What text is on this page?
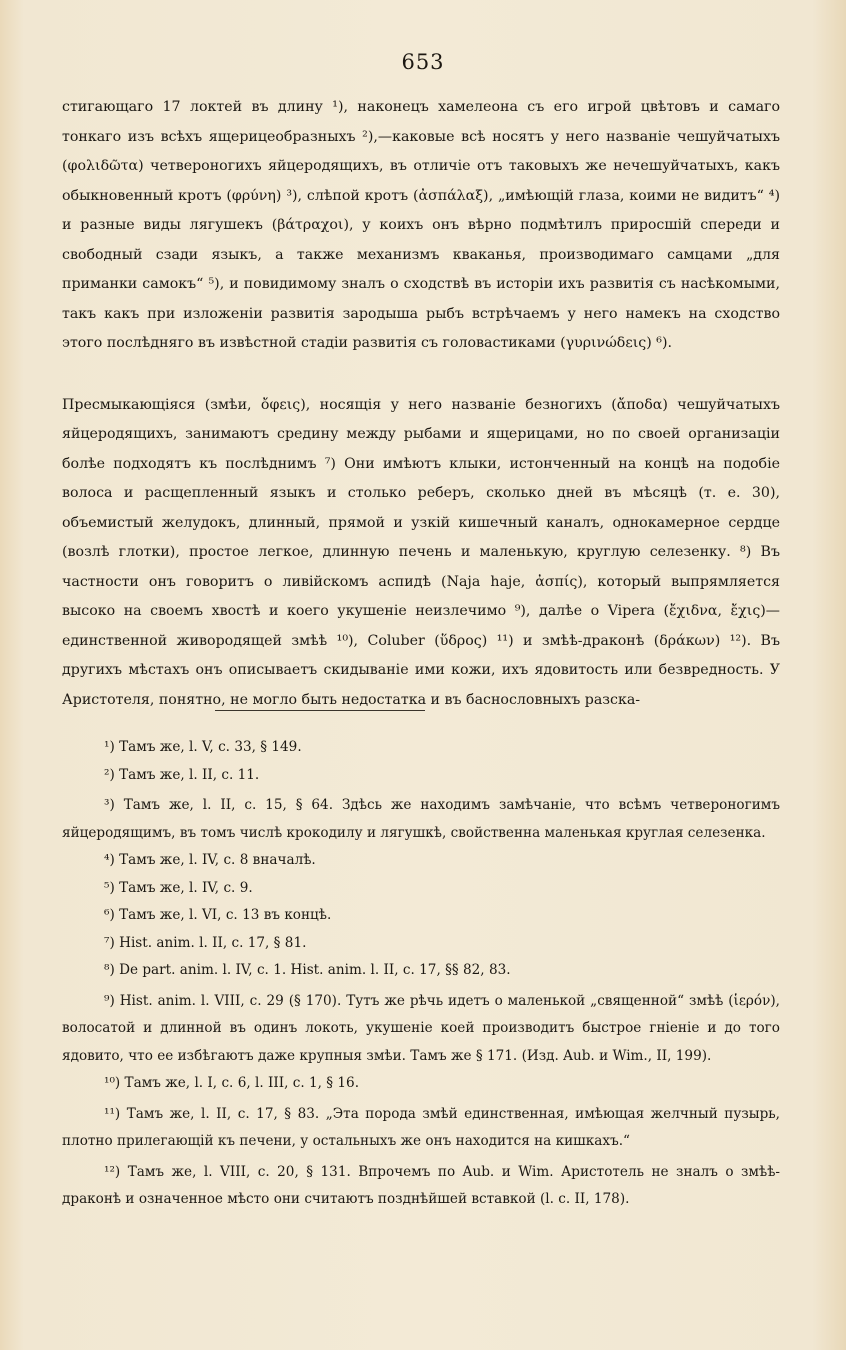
653

стигающаго 17 локтей въ длину ¹), наконецъ хамелеона съ его игрой цвѣтовъ и самаго тонкаго изъ всѣхъ ящерицеобразныхъ ²),—каковые всѣ носятъ у него названіе чешуйчатыхъ (φολιδῶτα) четвероногихъ яйцеродящихъ, въ отличіе отъ таковыхъ же нечешуйчатыхъ, какъ обыкновенный кротъ (φρύνη) ³), слѣпой кротъ (ἀσπάλαξ), „имѣющій глаза, коими не видитъ“ ⁴) и разные виды лягушекъ (βάτραχοι), у коихъ онъ вѣрно подмѣтилъ приросшій спереди и свободный сзади языкъ, а также механизмъ кваканья, производимаго самцами „для приманки самокъ“ ⁵), и повидимому зналъ о сходствѣ въ исторіи ихъ развитія съ насѣкомыми, такъ какъ при изложеніи развитія зародыша рыбъ встрѣчаемъ у него намекъ на сходство этого послѣдняго въ извѣстной стадіи развитія съ головастиками (γυρινώδεις) ⁶).

Пресмыкающіяся (змѣи, ὄφεις), носящія у него названіе безногихъ (ἄποδα) чешуйчатыхъ яйцеродящихъ, занимаютъ средину между рыбами и ящерицами, но по своей организаціи болѣе подходятъ къ послѣднимъ ⁷) Они имѣютъ клыки, истонченный на концѣ на подобіе волоса и расщепленный языкъ и столько реберъ, сколько дней въ мѣсяцѣ (т. е. 30), объемистый желудокъ, длинный, прямой и узкій кишечный каналъ, однокамерное сердце (возлѣ глотки), простое легкое, длинную печень и маленькую, круглую селезенку. ⁸) Въ частности онъ говоритъ о ливійскомъ аспидѣ (Naja haje, ἀσπίς), который выпрямляется высоко на своемъ хвостѣ и коего укушеніе неизлечимо ⁹), далѣе о Vipera (ἔχιδνα, ἔχις)—единственной живородящей змѣѣ ¹⁰), Coluber (ὕδρος) ¹¹) и змѣѣ-драконѣ (δράκων) ¹²). Въ другихъ мѣстахъ онъ описываетъ скидываніе ими кожи, ихъ ядовитость или безвредность. У Аристотеля, понятно, не могло быть недостатка и въ баснословныхъ разска-

¹) Тамъ же, l. V, c. 33, § 149.

²) Тамъ же, l. II, c. 11.

³) Тамъ же, l. II, c. 15, § 64. Здѣсь же находимъ замѣчаніе, что всѣмъ четвероногимъ яйцеродящимъ, въ томъ числѣ крокодилу и лягушкѣ, свойственна маленькая круглая селезенка.

⁴) Тамъ же, l. IV, c. 8 вначалѣ.

⁵) Тамъ же, l. IV, c. 9.

⁶) Тамъ же, l. VI, c. 13 въ концѣ.

⁷) Hist. anim. l. II, c. 17, § 81.

⁸) De part. anim. l. IV, c. 1. Hist. anim. l. II, c. 17, §§ 82, 83.

⁹) Hist. anim. l. VIII, c. 29 (§ 170). Тутъ же рѣчь идетъ о маленькой „священной“ змѣѣ (ἱερόν), волосатой и длинной въ одинъ локоть, укушеніе коей производитъ быстрое гніеніе и до того ядовито, что ее избѣгаютъ даже крупныя змѣи. Тамъ же § 171. (Изд. Aub. и Wim., II, 199).

¹⁰) Тамъ же, l. I, c. 6, l. III, c. 1, § 16.

¹¹) Тамъ же, l. II, c. 17, § 83. „Эта порода змѣй единственная, имѣющая желчный пузырь, плотно прилегающій къ печени, у остальныхъ же онъ находится на кишкахъ.“

¹²) Тамъ же, l. VIII, c. 20, § 131. Впрочемъ по Aub. и Wim. Аристотель не зналъ о змѣѣ-драконѣ и означенное мѣсто они считаютъ позднѣйшей вставкой (l. c. II, 178).
